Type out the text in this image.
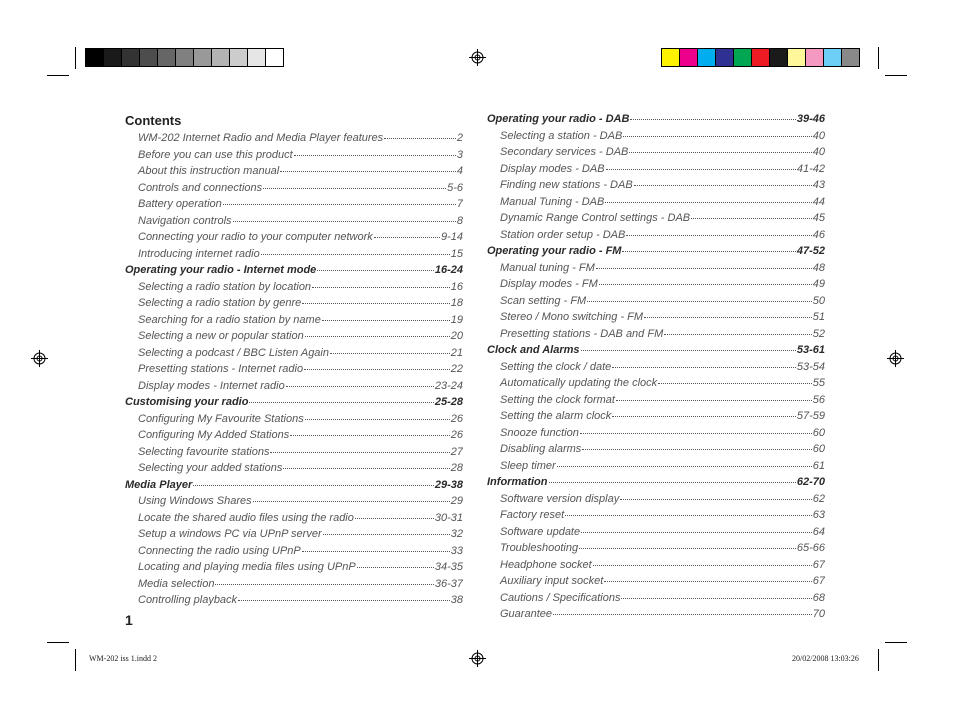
Contents
WM-202 Internet Radio and Media Player features	2
Before you can use this product	3
About this instruction manual	4
Controls and connections	5-6
Battery operation	7
Navigation controls	8
Connecting your radio to your computer network	9-14
Introducing internet radio	15
Operating your radio - Internet mode	16-24
Selecting a radio station by location	16
Selecting a radio station by genre	18
Searching for a radio station by name	19
Selecting a new or popular station	20
Selecting a podcast / BBC Listen Again	21
Presetting stations - Internet radio	22
Display modes - Internet radio	23-24
Customising your radio	25-28
Configuring My Favourite Stations	26
Configuring My Added Stations	26
Selecting favourite stations	27
Selecting your added stations	28
Media Player	29-38
Using Windows Shares	29
Locate the shared audio files using the radio	30-31
Setup a windows PC via UPnP server	32
Connecting the radio using UPnP	33
Locating and playing media files using UPnP	34-35
Media selection	36-37
Controlling playback	38
Operating your radio - DAB	39-46
Selecting a station - DAB	40
Secondary services - DAB	40
Display modes - DAB	41-42
Finding new stations - DAB	43
Manual Tuning - DAB	44
Dynamic Range Control settings - DAB	45
Station order setup - DAB	46
Operating your radio - FM	47-52
Manual tuning - FM	48
Display modes - FM	49
Scan setting - FM	50
Stereo / Mono switching - FM	51
Presetting stations - DAB and FM	52
Clock and Alarms	53-61
Setting the clock / date	53-54
Automatically updating the clock	55
Setting the clock format	56
Setting the alarm clock	57-59
Snooze function	60
Disabling alarms	60
Sleep timer	61
Information	62-70
Software version display	62
Factory reset	63
Software update	64
Troubleshooting	65-66
Headphone socket	67
Auxiliary input socket	67
Cautions / Specifications	68
Guarantee	70
1
WM-202 iss 1.indd 2	20/02/2008 13:03:26
